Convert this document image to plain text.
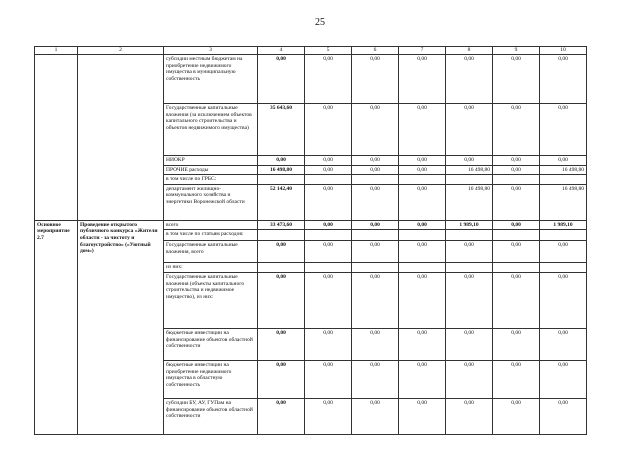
25
1	2	3	4	5	6	7	8	9	10
		субсидии местным бюджетам на приобретение недвижимого имущества в муниципальную собственность	0,00	0,00	0,00	0,00	0,00	0,00	0,00
		Государственные капитальные вложения (за исключением объектов капитального строительства и объектов недвижимого имущества)	35 643,60	0,00	0,00	0,00	0,00	0,00	0,00
		НИОКР	0,00	0,00	0,00	0,00	0,00	0,00	0,00
		ПРОЧИЕ расходы	16 498,80	0,00	0,00	0,00	16 498,80	0,00	16 498,80
		в том числе по ГРБС:							
		департамент жилищно-коммунального хозяйства и энергетики Воронежской области	52 142,40	0,00	0,00	0,00	16 498,80	0,00	16 498,80
Основное мероприятие 2.7	Проведение открытого публичного конкурса «Жители области - за чистоту и благоустройство» («Уютный дом»)	всего	33 473,60	0,00	0,00	0,00	1 989,10	0,00	1 989,10
		в том числе по статьям расходов:							
		Государственные капитальные вложения, всего	0,00	0,00	0,00	0,00	0,00	0,00	0,00
		из них:							
		Государственные капитальные вложения (объекты капитального строительства и недвижимое имущество), из них:	0,00	0,00	0,00	0,00	0,00	0,00	0,00
		бюджетные инвестиции на финансирование объектов областной собственности	0,00	0,00	0,00	0,00	0,00	0,00	0,00
		бюджетные инвестиции на приобретение недвижимого имущества в областную собственность	0,00	0,00	0,00	0,00	0,00	0,00	0,00
		субсидии БУ, АУ, ГУПам на финансирование объектов областной собственности	0,00	0,00	0,00	0,00	0,00	0,00	0,00
